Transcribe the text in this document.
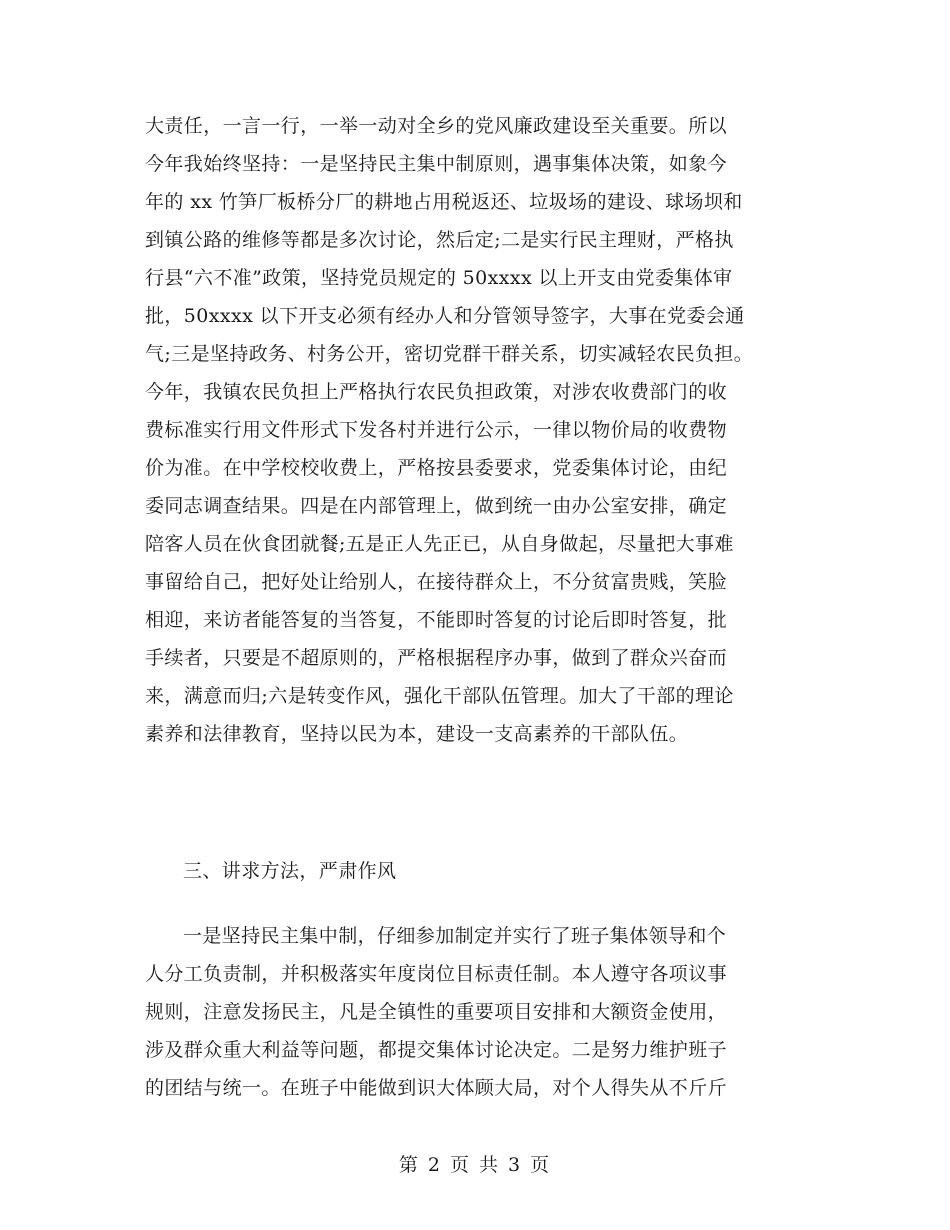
大责任，一言一行，一举一动对全乡的党风廉政建设至关重要。所以
今年我始终坚持：一是坚持民主集中制原则，遇事集体决策，如象今
年的 xx 竹笋厂板桥分厂的耕地占用税返还、垃圾场的建设、球场坝和
到镇公路的维修等都是多次讨论，然后定;二是实行民主理财，严格执
行县“六不准”政策，坚持党员规定的 50xxxx 以上开支由党委集体审
批，50xxxx 以下开支必须有经办人和分管领导签字，大事在党委会通
气;三是坚持政务、村务公开，密切党群干群关系，切实减轻农民负担。
今年，我镇农民负担上严格执行农民负担政策，对涉农收费部门的收
费标准实行用文件形式下发各村并进行公示，一律以物价局的收费物
价为准。在中学校校收费上，严格按县委要求，党委集体讨论，由纪
委同志调查结果。四是在内部管理上，做到统一由办公室安排，确定
陪客人员在伙食团就餐;五是正人先正已，从自身做起，尽量把大事难
事留给自己，把好处让给别人，在接待群众上，不分贫富贵贱，笑脸
相迎，来访者能答复的当答复，不能即时答复的讨论后即时答复，批
手续者，只要是不超原则的，严格根据程序办事，做到了群众兴奋而
来，满意而归;六是转变作风，强化干部队伍管理。加大了干部的理论
素养和法律教育，坚持以民为本，建设一支高素养的干部队伍。
三、讲求方法，严肃作风
一是坚持民主集中制，仔细参加制定并实行了班子集体领导和个
人分工负责制，并积极落实年度岗位目标责任制。本人遵守各项议事
规则，注意发扬民主，凡是全镇性的重要项目安排和大额资金使用，
涉及群众重大利益等问题，都提交集体讨论决定。二是努力维护班子
的团结与统一。在班子中能做到识大体顾大局，对个人得失从不斤斤
第 2 页 共 3 页
